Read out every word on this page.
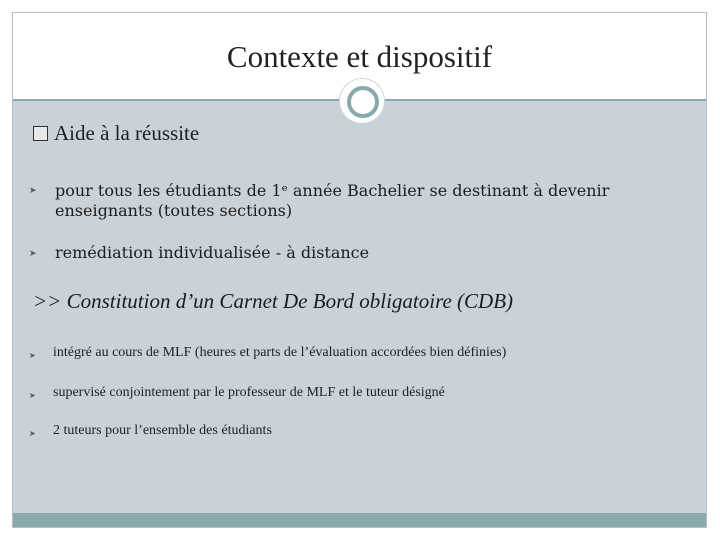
Contexte et dispositif
Aide à la réussite
➤ pour tous les étudiants de 1ᵉ année Bachelier se destinant à devenir enseignants (toutes sections)
➤ remédiation individualisée - à distance
>> Constitution d’un Carnet De Bord obligatoire (CDB)
➤ intégré au cours de MLF (heures et parts de l’évaluation accordées bien définies)
➤ supervisé conjointement par le professeur de MLF et le tuteur désigné
➤ 2 tuteurs pour l’ensemble des étudiants
